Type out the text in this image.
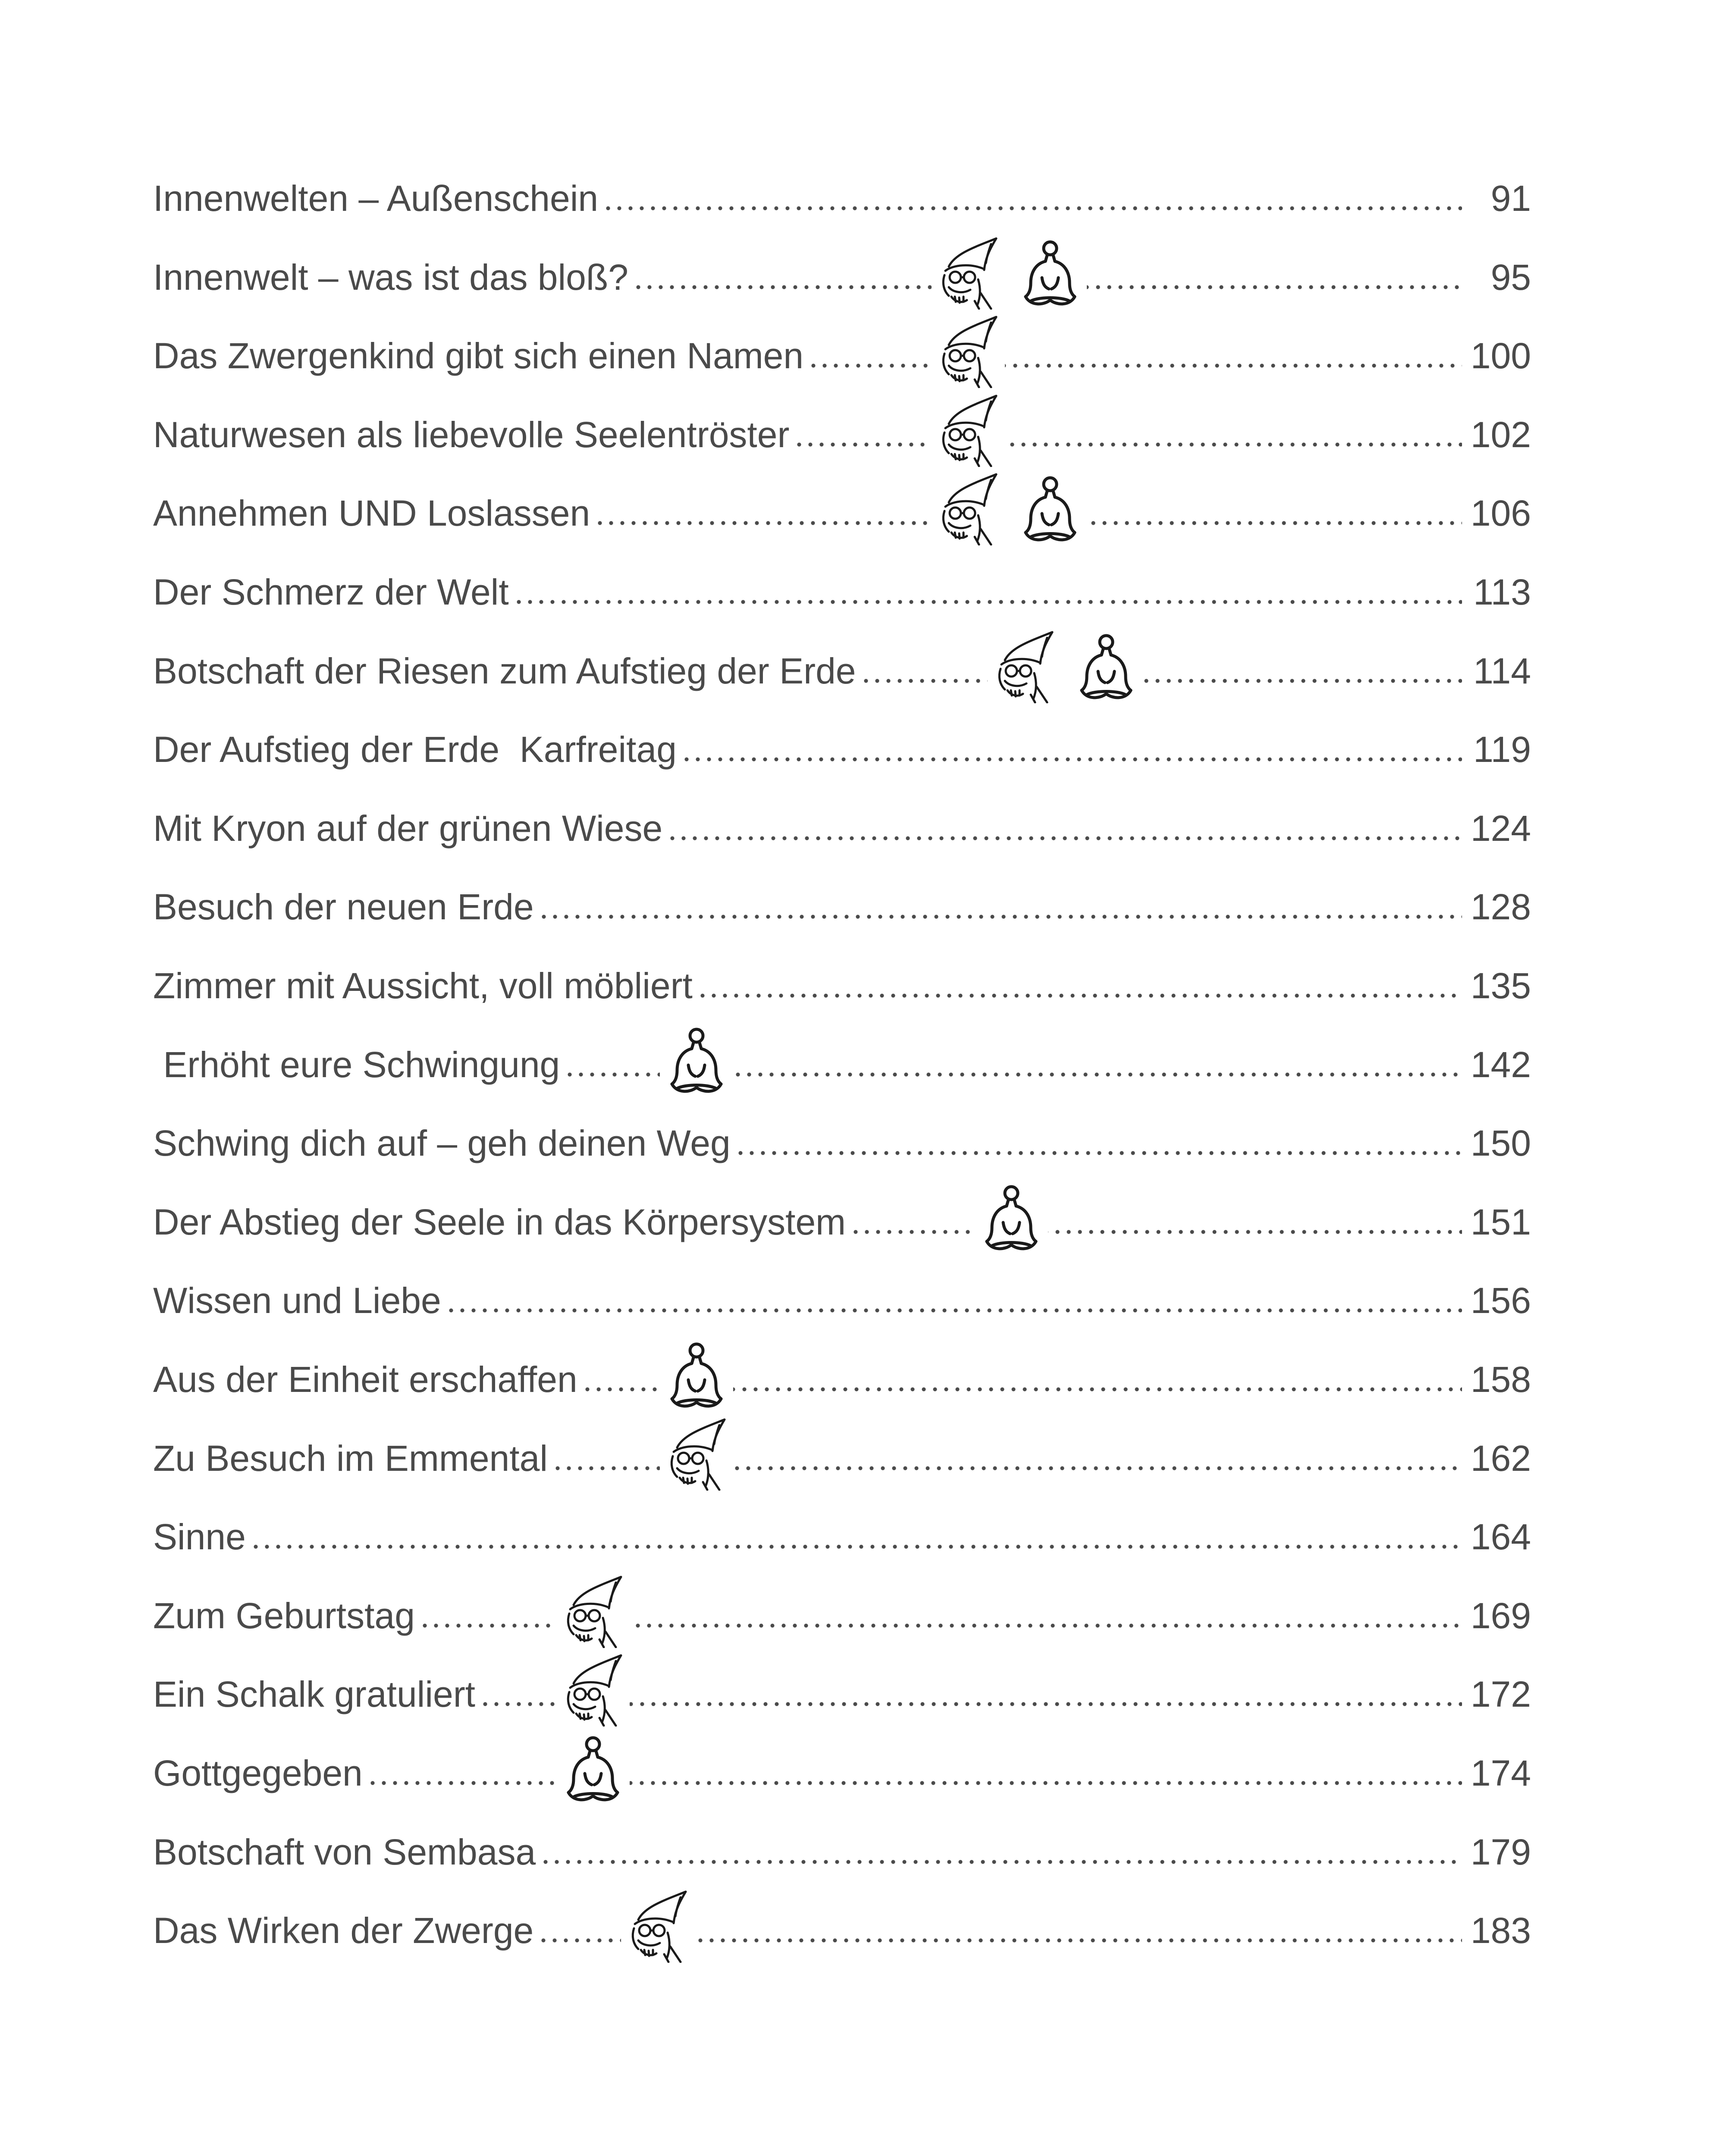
Innenwelten – Außenschein	91
Innenwelt – was ist das bloß?	95
Das Zwergenkind gibt sich einen Namen	100
Naturwesen als liebevolle Seelentröster	102
Annehmen UND Loslassen	106
Der Schmerz der Welt	113
Botschaft der Riesen zum Aufstieg der Erde	114
Der Aufstieg der Erde  Karfreitag	119
Mit Kryon auf der grünen Wiese	124
Besuch der neuen Erde	128
Zimmer mit Aussicht, voll möbliert	135
Erhöht eure Schwingung	142
Schwing dich auf – geh deinen Weg	150
Der Abstieg der Seele in das Körpersystem	151
Wissen und Liebe	156
Aus der Einheit erschaffen	158
Zu Besuch im Emmental	162
Sinne	164
Zum Geburtstag	169
Ein Schalk gratuliert	172
Gottgegeben	174
Botschaft von Sembasa	179
Das Wirken der Zwerge	183
